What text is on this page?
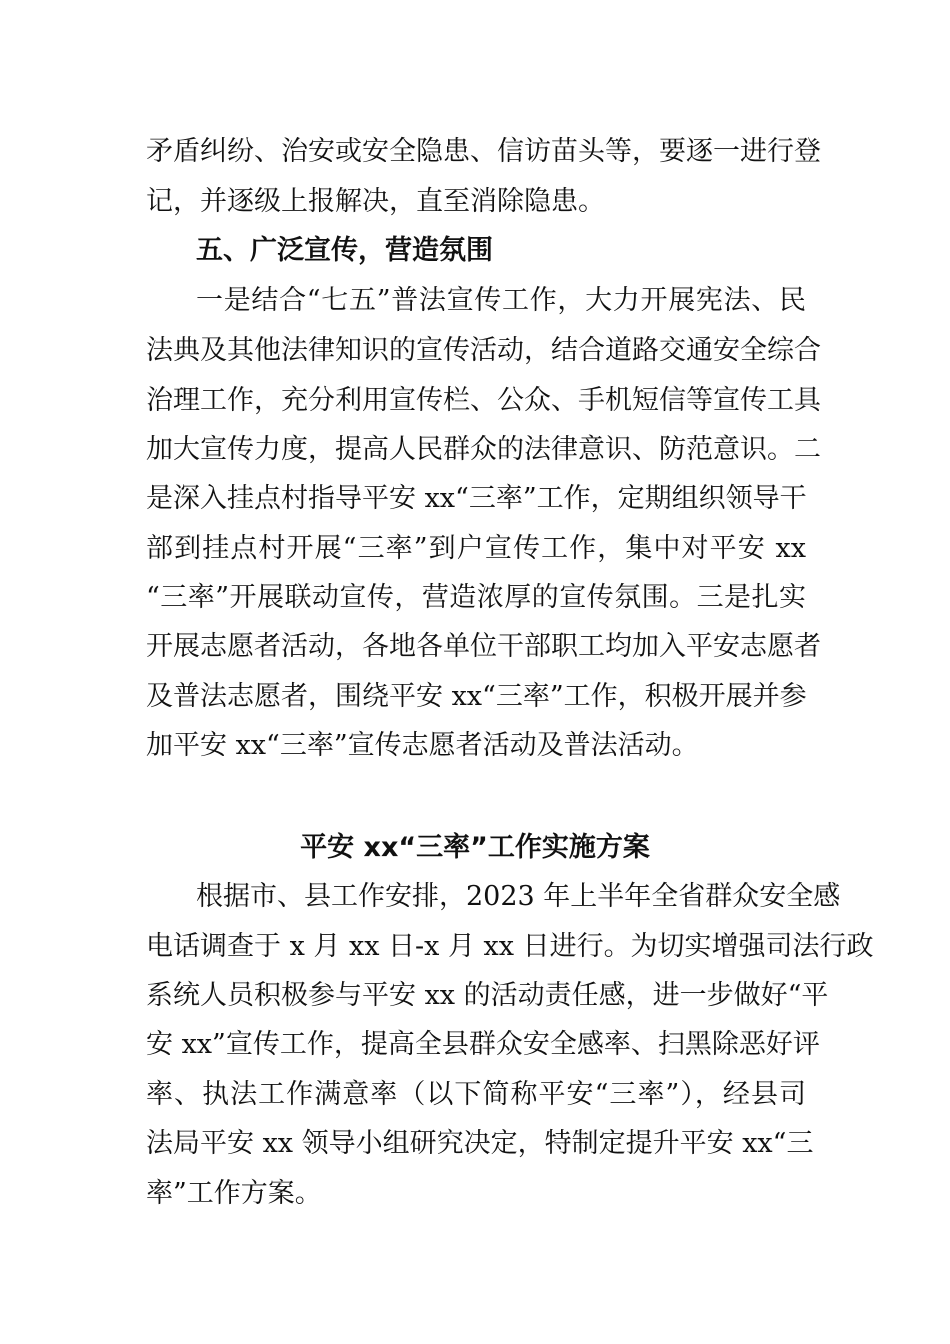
矛盾纠纷、治安或安全隐患、信访苗头等，要逐一进行登
记，并逐级上报解决，直至消除隐患。
五、广泛宣传，营造氛围
一是结合“七五”普法宣传工作，大力开展宪法、民
法典及其他法律知识的宣传活动，结合道路交通安全综合
治理工作，充分利用宣传栏、公众、手机短信等宣传工具
加大宣传力度，提高人民群众的法律意识、防范意识。二
是深入挂点村指导平安 xx“三率”工作，定期组织领导干
部到挂点村开展“三率”到户宣传工作，集中对平安 xx
“三率”开展联动宣传，营造浓厚的宣传氛围。三是扎实
开展志愿者活动，各地各单位干部职工均加入平安志愿者
及普法志愿者，围绕平安 xx“三率”工作，积极开展并参
加平安 xx“三率”宣传志愿者活动及普法活动。
平安 xx“三率”工作实施方案
根据市、县工作安排，2023 年上半年全省群众安全感
电话调查于 x 月 xx 日-x 月 xx 日进行。为切实增强司法行政
系统人员积极参与平安 xx 的活动责任感，进一步做好“平
安 xx”宣传工作，提高全县群众安全感率、扫黑除恶好评
率、执法工作满意率（以下简称平安“三率”），经县司
法局平安 xx 领导小组研究决定，特制定提升平安 xx“三
率”工作方案。
